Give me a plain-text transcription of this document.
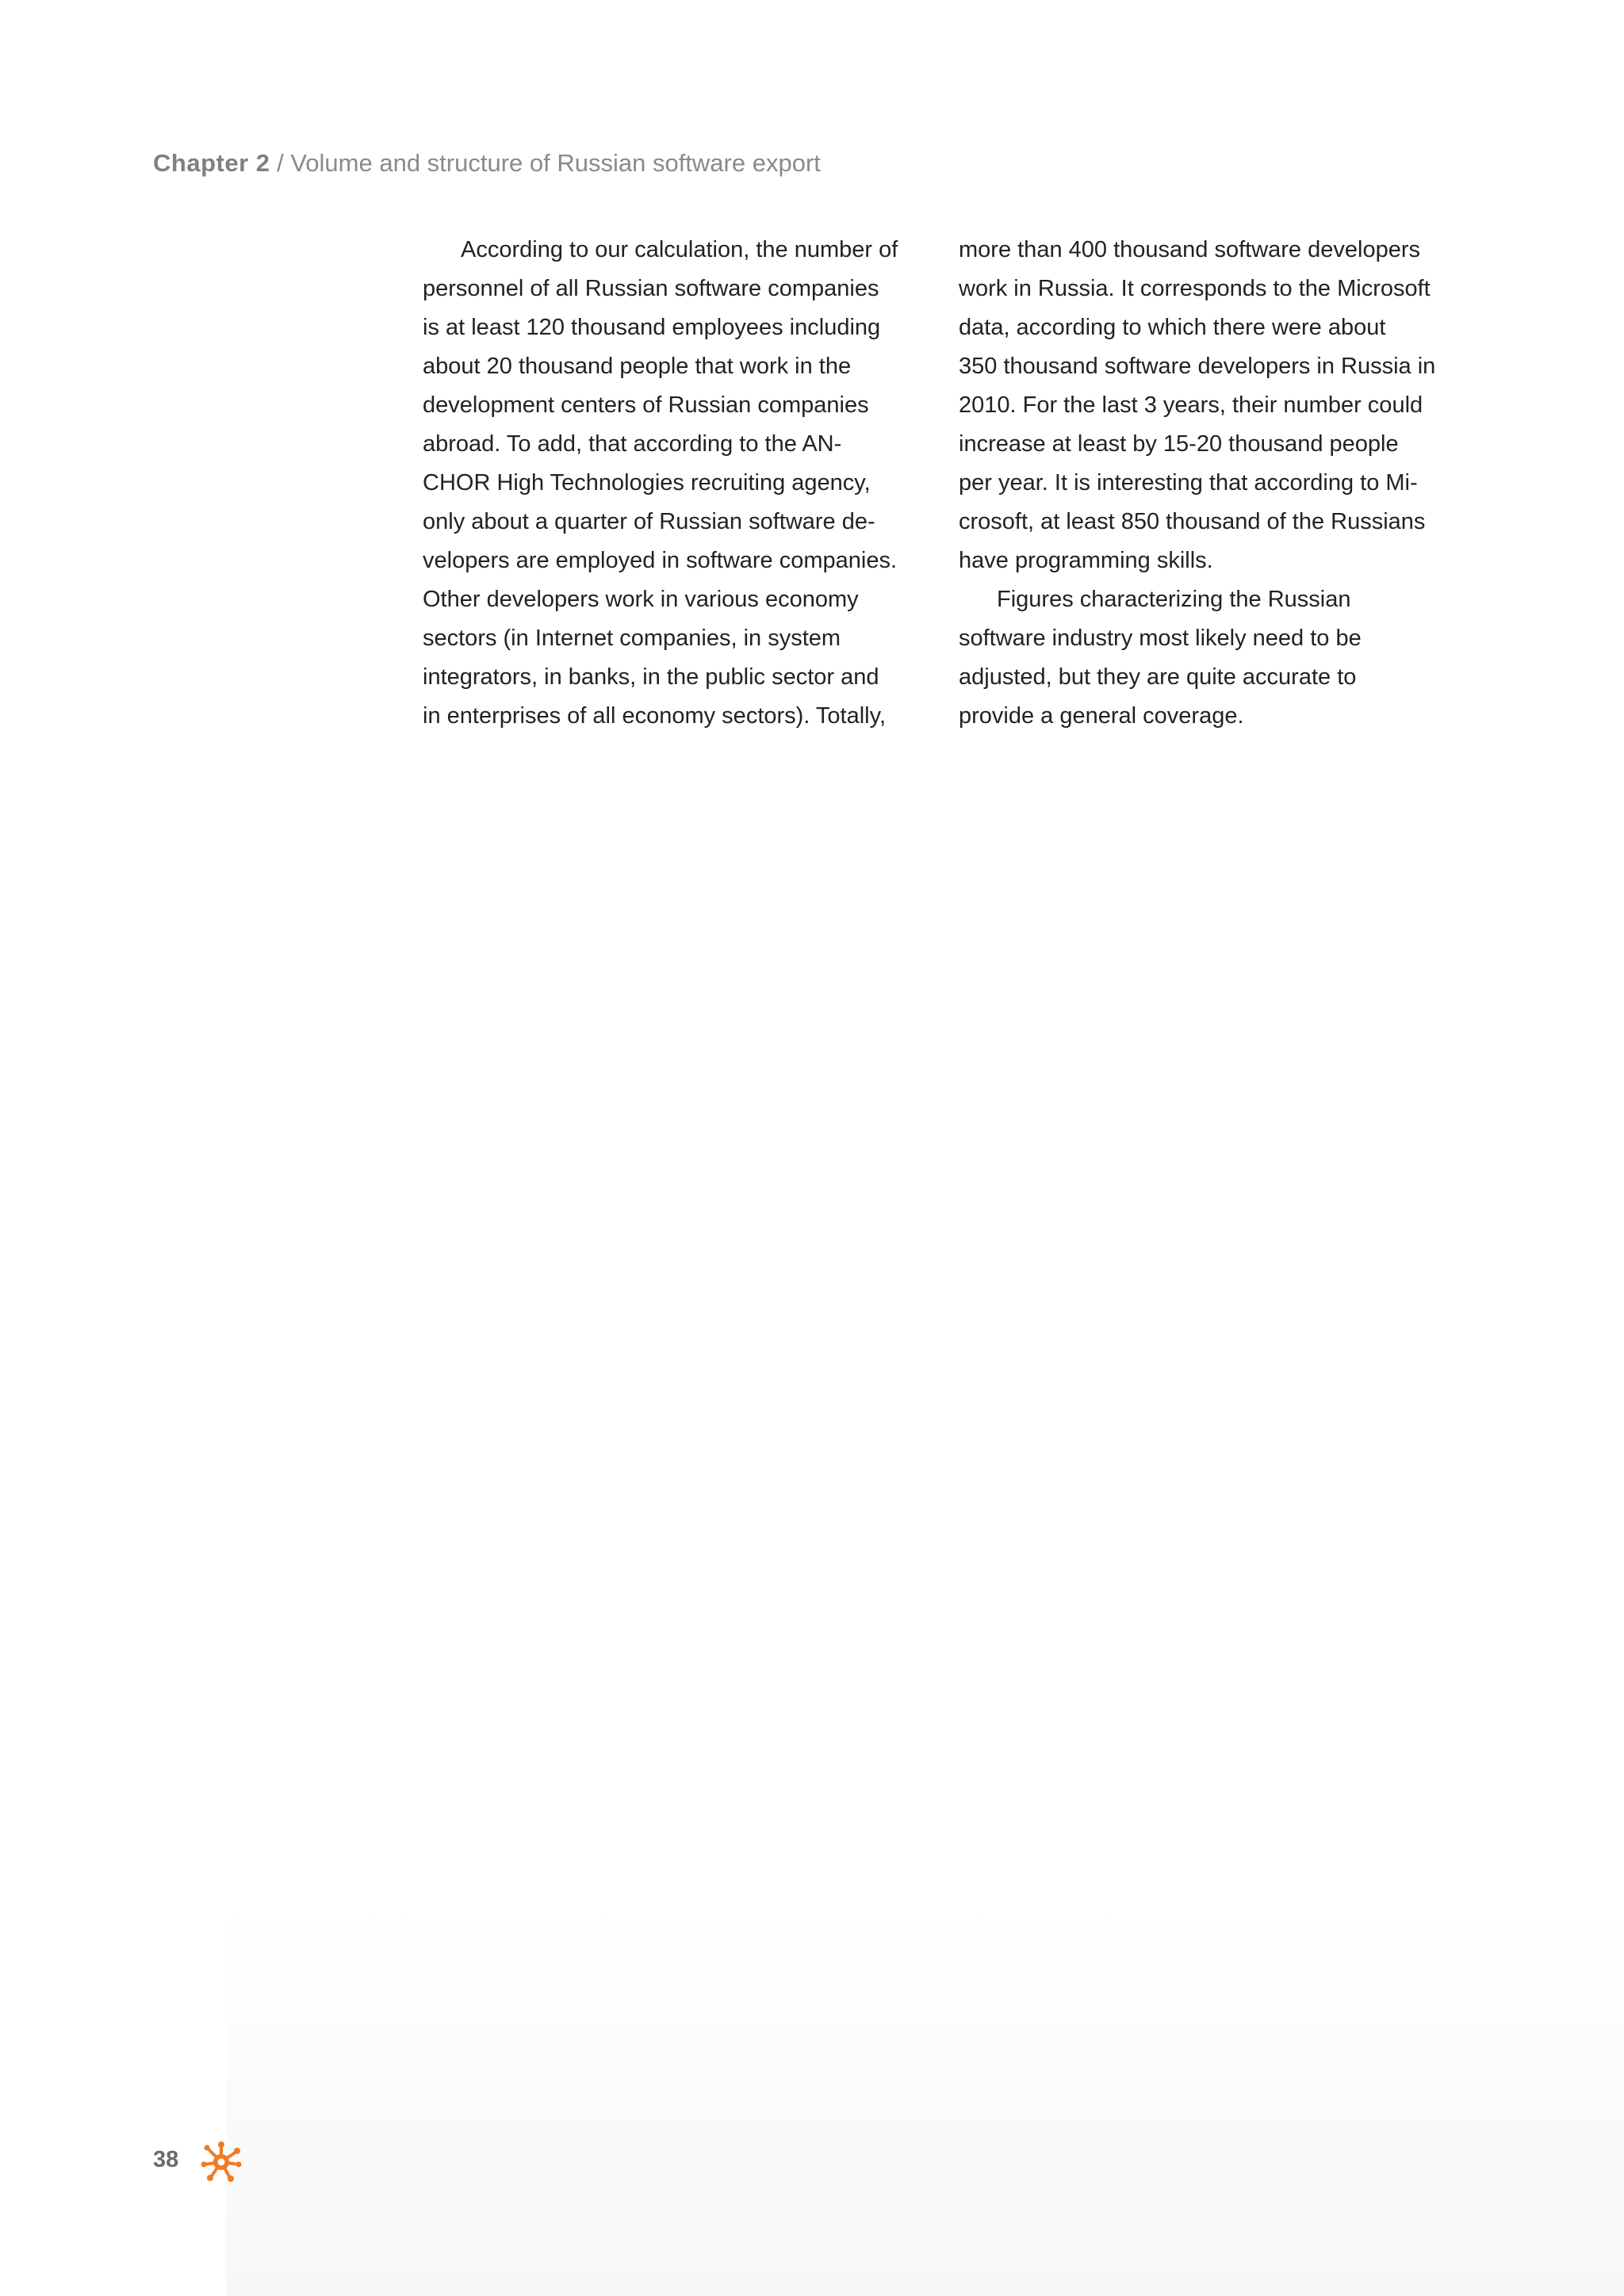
Chapter 2 / Volume and structure of Russian software export
According to our calculation, the number of
personnel of all Russian software companies
is at least 120 thousand employees including
about 20 thousand people that work in the
development centers of Russian companies
abroad. To add, that according to the AN-
CHOR High Technologies recruiting agency,
only about a quarter of Russian software de-
velopers are employed in software companies.
Other developers work in various economy
sectors (in Internet companies, in system
integrators, in banks, in the public sector and
in enterprises of all economy sectors). Totally,
more than 400 thousand software developers
work in Russia. It corresponds to the Microsoft
data, according to which there were about
350 thousand software developers in Russia in
2010. For the last 3 years, their number could
increase at least by 15-20 thousand people
per year. It is interesting that according to Mi-
crosoft, at least 850 thousand of the Russians
have programming skills.
Figures characterizing the Russian
software industry most likely need to be
adjusted, but they are quite accurate to
provide a general coverage.
38
